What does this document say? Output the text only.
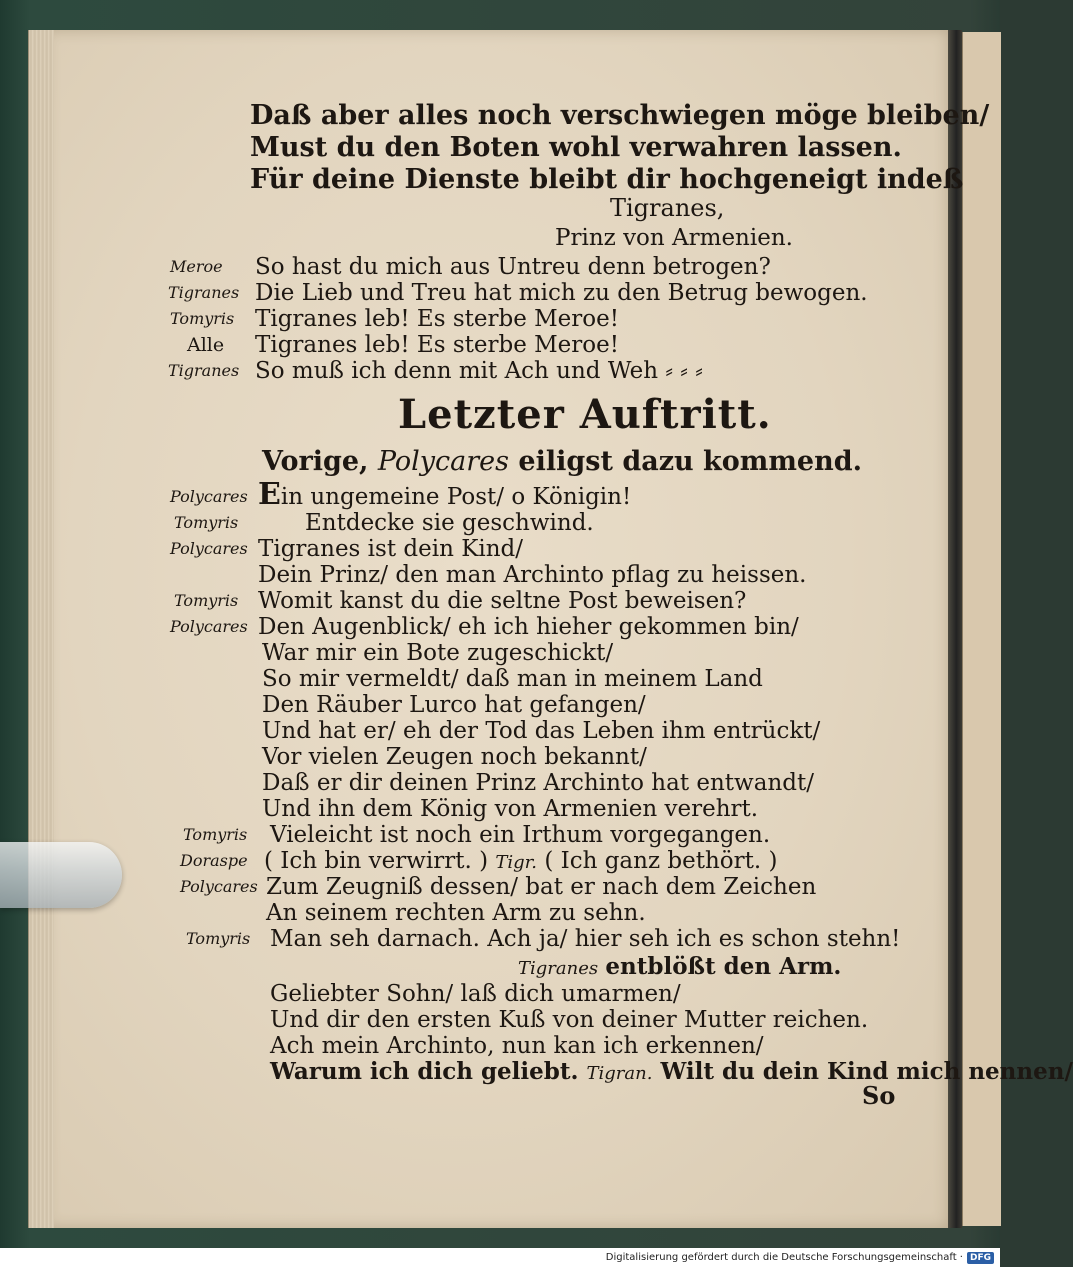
Daß aber alles noch verschwiegen möge bleiben/
Must du den Boten wohl verwahren lassen.
Für deine Dienste bleibt dir hochgeneigt indeß
Tigranes,
Prinz von Armenien.
Meroe So hast du mich aus Untreu denn betrogen?
Tigranes Die Lieb und Treu hat mich zu den Betrug bewogen.
Tomyris Tigranes leb! Es sterbe Meroe!
Alle Tigranes leb! Es sterbe Meroe!
Tigranes So muß ich denn mit Ach und Weh ⸗ ⸗ ⸗
Letzter Auftritt.
Vorige, Polycares eiligst dazu kommend.
Polycares Ein ungemeine Post/ o Königin!
Tomyris	Entdecke sie geschwind.
Polycares Tigranes ist dein Kind/
Dein Prinz/ den man Archinto pflag zu heissen.
Tomyris Womit kanst du die seltne Post beweisen?
Polycares Den Augenblick/ eh ich hieher gekommen bin/
War mir ein Bote zugeschickt/
So mir vermeldt/ daß man in meinem Land
Den Räuber Lurco hat gefangen/
Und hat er/ eh der Tod das Leben ihm entrückt/
Vor vielen Zeugen noch bekannt/
Daß er dir deinen Prinz Archinto hat entwandt/
Und ihn dem König von Armenien verehrt.
Tomyris Vieleicht ist noch ein Irthum vorgegangen.
Doraspe ( Ich bin verwirrt. ) Tigr. ( Ich ganz bethört. )
Polycares Zum Zeugniß dessen/ bat er nach dem Zeichen
An seinem rechten Arm zu sehn.
Tomyris Man seh darnach. Ach ja/ hier seh ich es schon stehn!
Tigranes entblößt den Arm.
Geliebter Sohn/ laß dich umarmen/
Und dir den ersten Kuß von deiner Mutter reichen.
Ach mein Archinto, nun kan ich erkennen/
Warum ich dich geliebt. Tigran. Wilt du dein Kind mich nennen/
So
Digitalisierung gefördert durch die Deutsche Forschungsgemeinschaft · DFG
